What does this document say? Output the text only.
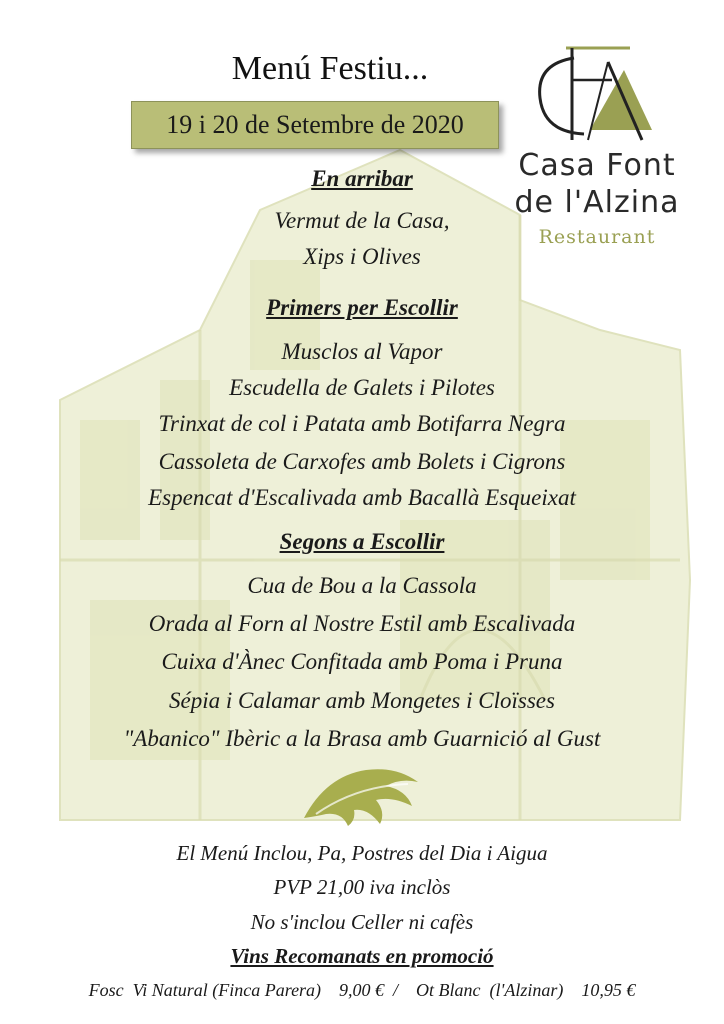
Menú Festiu...
19 i 20 de Setembre de 2020
Casa Font
de l'Alzina
Restaurant
En arribar
Vermut de la Casa,
Xips i Olives
Primers per Escollir
Musclos al Vapor
Escudella de Galets i Pilotes
Trinxat de col i Patata amb Botifarra Negra
Cassoleta de Carxofes amb Bolets i Cigrons
Espencat d'Escalivada amb Bacallà Esqueixat
Segons a Escollir
Cua de Bou a la Cassola
Orada al Forn al Nostre Estil amb Escalivada
Cuixa d'Ànec Confitada amb Poma i Pruna
Sépia i Calamar amb Mongetes i Cloïsses
"Abanico" Ibèric a la Brasa amb Guarnició al Gust
El Menú Inclou, Pa, Postres del Dia i Aigua
PVP 21,00 iva inclòs
No s'inclou Celler ni cafès
Vins Recomanats en promoció
Fosc  Vi Natural (Finca Parera)    9,00 €  /    Ot Blanc  (l'Alzinar)    10,95 €
